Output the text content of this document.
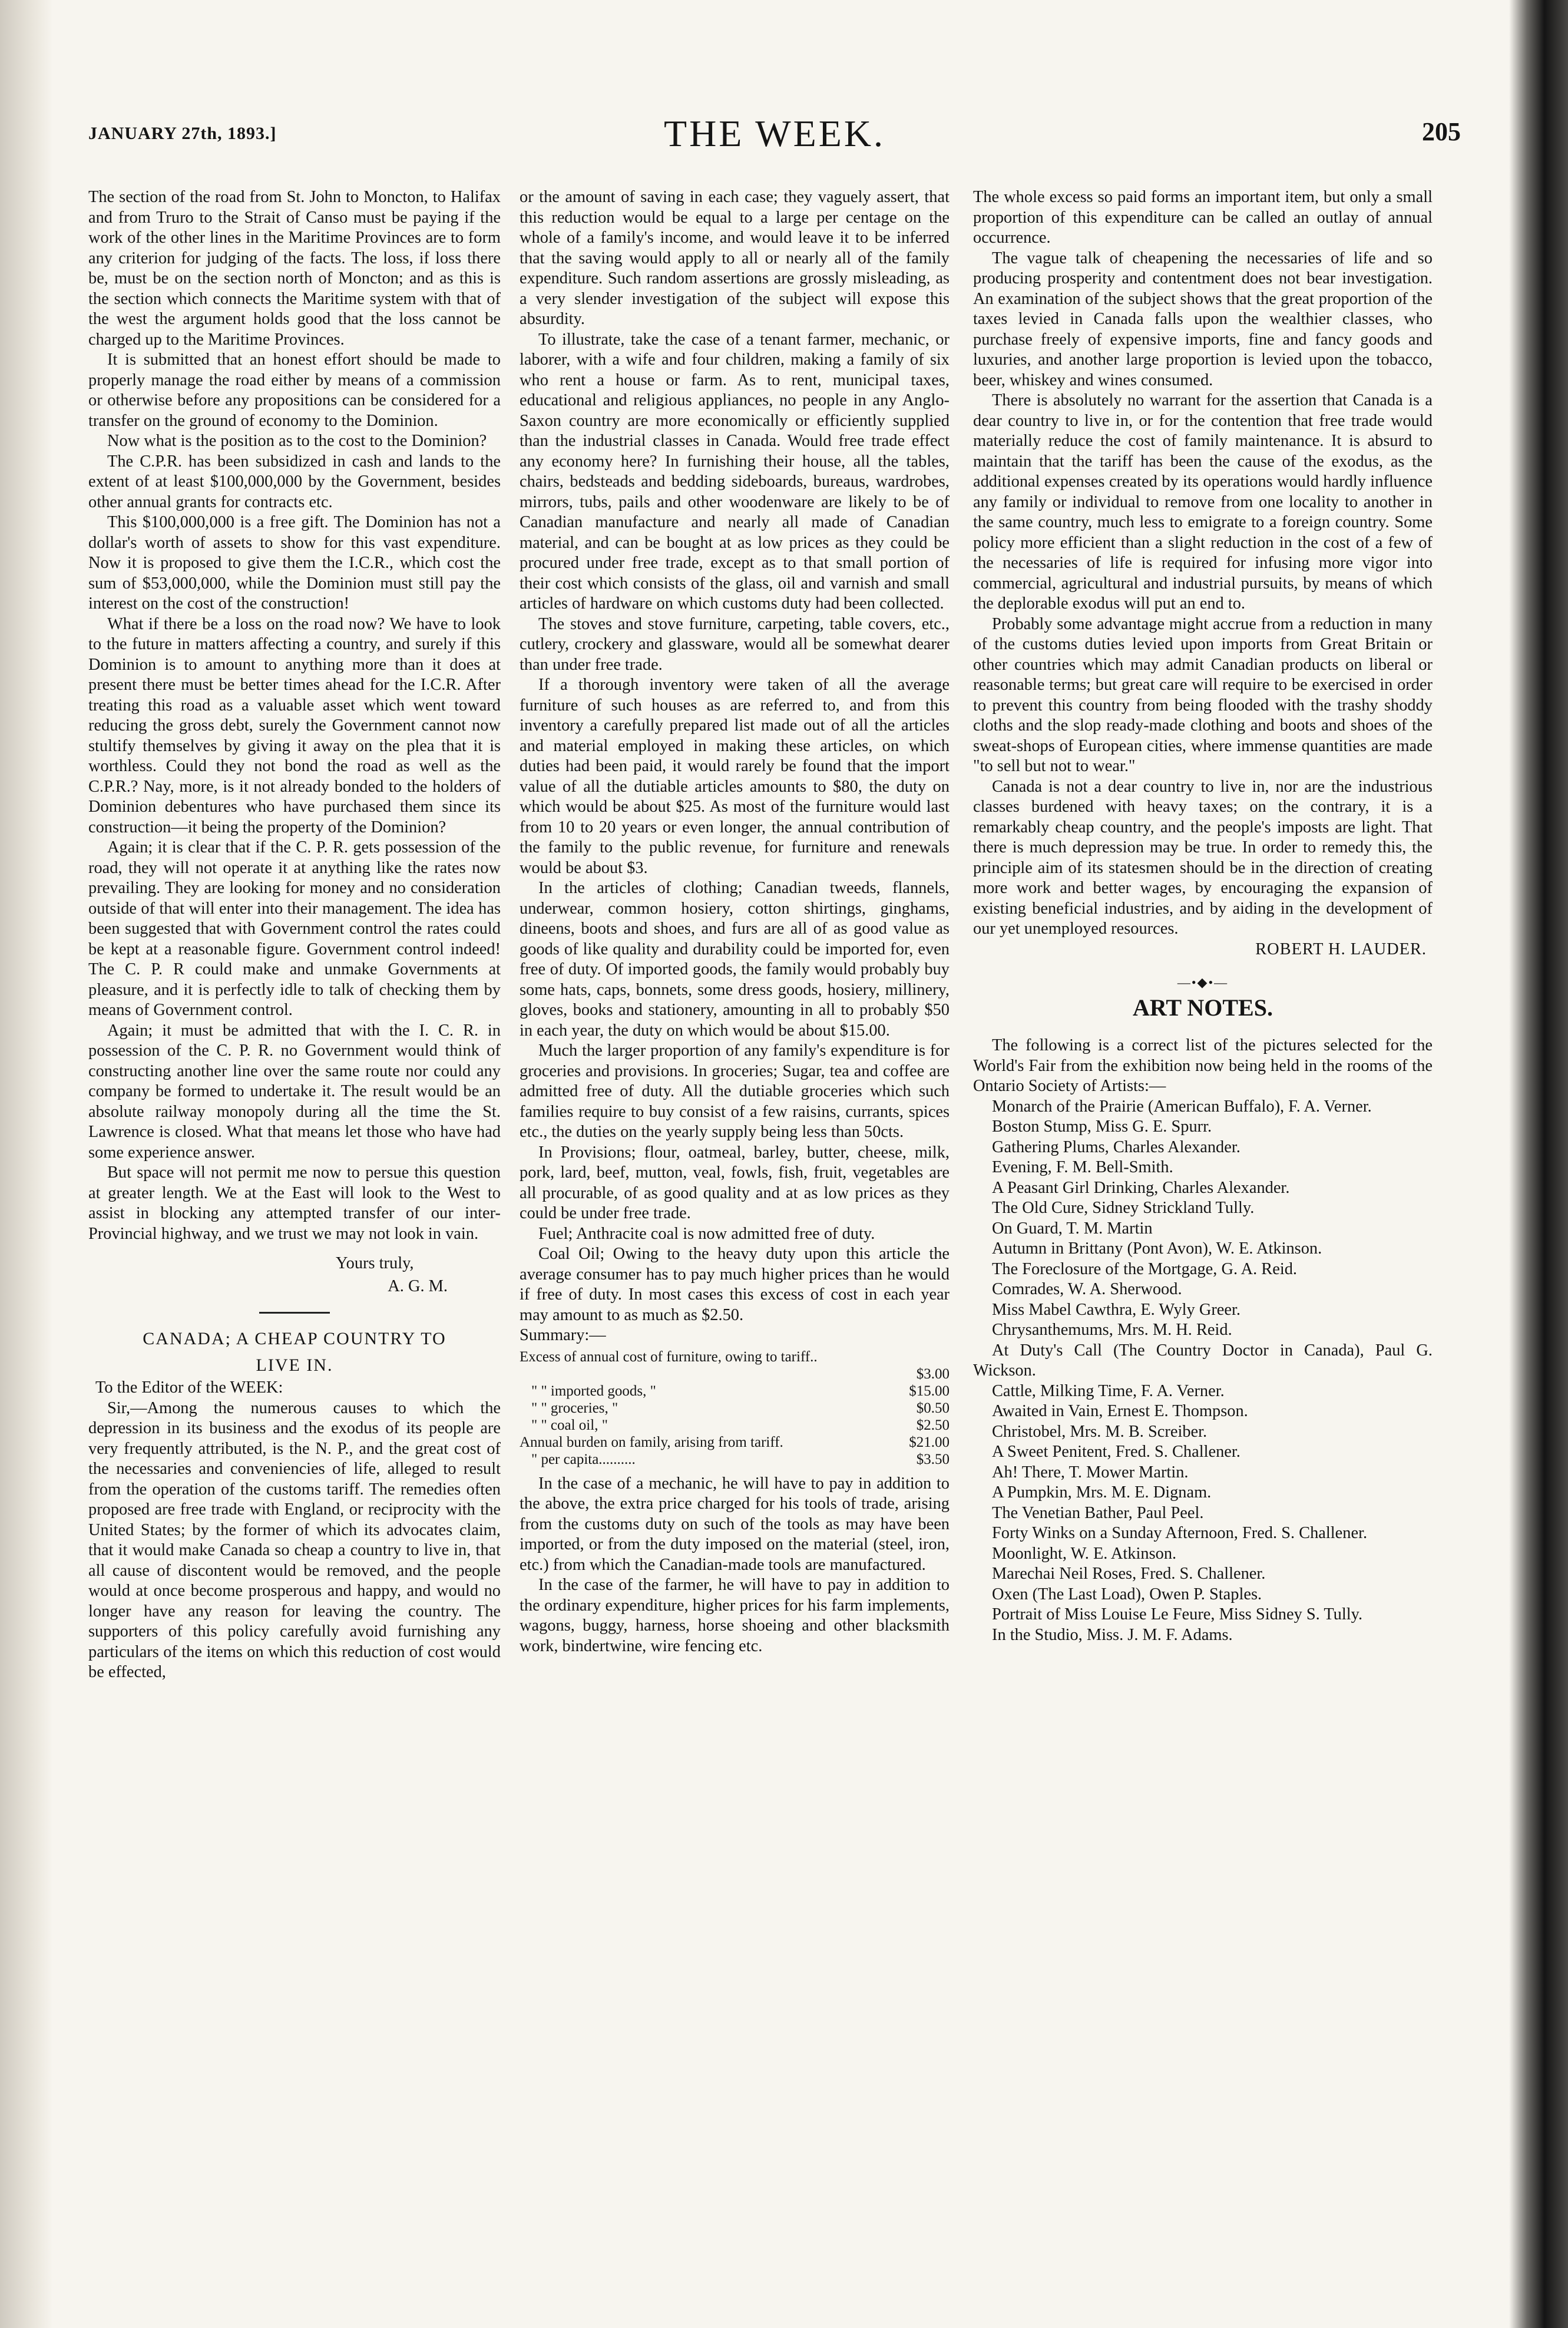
JANUARY 27th, 1893.]	THE WEEK.	205

The section of the road from St. John to Moncton, to Halifax and from Truro to the Strait of Canso must be paying if the work of the other lines in the Maritime Provinces are to form any criterion for judging of the facts. The loss, if loss there be, must be on the section north of Moncton; and as this is the section which connects the Maritime system with that of the west the argument holds good that the loss cannot be charged up to the Maritime Provinces.

It is submitted that an honest effort should be made to properly manage the road either by means of a commission or otherwise before any propositions can be considered for a transfer on the ground of economy to the Dominion.

Now what is the position as to the cost to the Dominion?

The C.P.R. has been subsidized in cash and lands to the extent of at least $100,000,000 by the Government, besides other annual grants for contracts etc.

This $100,000,000 is a free gift. The Dominion has not a dollar's worth of assets to show for this vast expenditure. Now it is proposed to give them the I.C.R., which cost the sum of $53,000,000, while the Dominion must still pay the interest on the cost of the construction!

What if there be a loss on the road now? We have to look to the future in matters affecting a country, and surely if this Dominion is to amount to anything more than it does at present there must be better times ahead for the I.C.R. After treating this road as a valuable asset which went toward reducing the gross debt, surely the Government cannot now stultify themselves by giving it away on the plea that it is worthless. Could they not bond the road as well as the C.P.R.? Nay, more, is it not already bonded to the holders of Dominion debentures who have purchased them since its construction—it being the property of the Dominion?

Again; it is clear that if the C. P. R. gets possession of the road, they will not operate it at anything like the rates now prevailing. They are looking for money and no consideration outside of that will enter into their management. The idea has been suggested that with Government control the rates could be kept at a reasonable figure. Government control indeed! The C. P. R could make and unmake Governments at pleasure, and it is perfectly idle to talk of checking them by means of Government control.

Again; it must be admitted that with the I. C. R. in possession of the C. P. R. no Government would think of constructing another line over the same route nor could any company be formed to undertake it. The result would be an absolute railway monopoly during all the time the St. Lawrence is closed. What that means let those who have had some experience answer.

But space will not permit me now to persue this question at greater length. We at the East will look to the West to assist in blocking any attempted transfer of our inter-Provincial highway, and we trust we may not look in vain.

Yours truly,

A. G. M.

CANADA; A CHEAP COUNTRY TO

LIVE IN.

To the Editor of the WEEK:

Sir,—Among the numerous causes to which the depression in its business and the exodus of its people are very frequently attributed, is the N. P., and the great cost of the necessaries and conveniencies of life, alleged to result from the operation of the customs tariff. The remedies often proposed are free trade with England, or reciprocity with the United States; by the former of which its advocates claim, that it would make Canada so cheap a country to live in, that all cause of discontent would be removed, and the people would at once become prosperous and happy, and would no longer have any reason for leaving the country. The supporters of this policy carefully avoid furnishing any particulars of the items on which this reduction of cost would be effected,

or the amount of saving in each case; they vaguely assert, that this reduction would be equal to a large per centage on the whole of a family's income, and would leave it to be inferred that the saving would apply to all or nearly all of the family expenditure. Such random assertions are grossly misleading, as a very slender investigation of the subject will expose this absurdity.

To illustrate, take the case of a tenant farmer, mechanic, or laborer, with a wife and four children, making a family of six who rent a house or farm. As to rent, municipal taxes, educational and religious appliances, no people in any Anglo-Saxon country are more economically or efficiently supplied than the industrial classes in Canada. Would free trade effect any economy here? In furnishing their house, all the tables, chairs, bedsteads and bedding sideboards, bureaus, wardrobes, mirrors, tubs, pails and other woodenware are likely to be of Canadian manufacture and nearly all made of Canadian material, and can be bought at as low prices as they could be procured under free trade, except as to that small portion of their cost which consists of the glass, oil and varnish and small articles of hardware on which customs duty had been collected.

The stoves and stove furniture, carpeting, table covers, etc., cutlery, crockery and glassware, would all be somewhat dearer than under free trade.

If a thorough inventory were taken of all the average furniture of such houses as are referred to, and from this inventory a carefully prepared list made out of all the articles and material employed in making these articles, on which duties had been paid, it would rarely be found that the import value of all the dutiable articles amounts to $80, the duty on which would be about $25. As most of the furniture would last from 10 to 20 years or even longer, the annual contribution of the family to the public revenue, for furniture and renewals would be about $3.

In the articles of clothing; Canadian tweeds, flannels, underwear, common hosiery, cotton shirtings, ginghams, dineens, boots and shoes, and furs are all of as good value as goods of like quality and durability could be imported for, even free of duty. Of imported goods, the family would probably buy some hats, caps, bonnets, some dress goods, hosiery, millinery, gloves, books and stationery, amounting in all to probably $50 in each year, the duty on which would be about $15.00.

Much the larger proportion of any family's expenditure is for groceries and provisions. In groceries; Sugar, tea and coffee are admitted free of duty. All the dutiable groceries which such families require to buy consist of a few raisins, currants, spices etc., the duties on the yearly supply being less than 50cts.

In Provisions; flour, oatmeal, barley, butter, cheese, milk, pork, lard, beef, mutton, veal, fowls, fish, fruit, vegetables are all procurable, of as good quality and at as low prices as they could be under free trade.

Fuel; Anthracite coal is now admitted free of duty.

Coal Oil; Owing to the heavy duty upon this article the average consumer has to pay much higher prices than he would if free of duty. In most cases this excess of cost in each year may amount to as much as $2.50.

Summary:—

Excess of annual cost of furniture, owing to tariff..
$3.00
" " imported goods, "	$15.00
" " groceries, "	$0.50
" " coal oil, "	$2.50
Annual burden on family, arising from tariff.	$21.00
" per capita..........	$3.50

In the case of a mechanic, he will have to pay in addition to the above, the extra price charged for his tools of trade, arising from the customs duty on such of the tools as may have been imported, or from the duty imposed on the material (steel, iron, etc.) from which the Canadian-made tools are manufactured.

In the case of the farmer, he will have to pay in addition to the ordinary expenditure, higher prices for his farm implements, wagons, buggy, harness, horse shoeing and other blacksmith work, bindertwine, wire fencing etc.

The whole excess so paid forms an important item, but only a small proportion of this expenditure can be called an outlay of annual occurrence.

The vague talk of cheapening the necessaries of life and so producing prosperity and contentment does not bear investigation. An examination of the subject shows that the great proportion of the taxes levied in Canada falls upon the wealthier classes, who purchase freely of expensive imports, fine and fancy goods and luxuries, and another large proportion is levied upon the tobacco, beer, whiskey and wines consumed.

There is absolutely no warrant for the assertion that Canada is a dear country to live in, or for the contention that free trade would materially reduce the cost of family maintenance. It is absurd to maintain that the tariff has been the cause of the exodus, as the additional expenses created by its operations would hardly influence any family or individual to remove from one locality to another in the same country, much less to emigrate to a foreign country. Some policy more efficient than a slight reduction in the cost of a few of the necessaries of life is required for infusing more vigor into commercial, agricultural and industrial pursuits, by means of which the deplorable exodus will put an end to.

Probably some advantage might accrue from a reduction in many of the customs duties levied upon imports from Great Britain or other countries which may admit Canadian products on liberal or reasonable terms; but great care will require to be exercised in order to prevent this country from being flooded with the trashy shoddy cloths and the slop ready-made clothing and boots and shoes of the sweat-shops of European cities, where immense quantities are made "to sell but not to wear."

Canada is not a dear country to live in, nor are the industrious classes burdened with heavy taxes; on the contrary, it is a remarkably cheap country, and the people's imposts are light. That there is much depression may be true. In order to remedy this, the principle aim of its statesmen should be in the direction of creating more work and better wages, by encouraging the expansion of existing beneficial industries, and by aiding in the development of our yet unemployed resources.

ROBERT H. LAUDER.

—•◆•—

ART NOTES.

The following is a correct list of the pictures selected for the World's Fair from the exhibition now being held in the rooms of the Ontario Society of Artists:—

Monarch of the Prairie (American Buffalo), F. A. Verner.

Boston Stump, Miss G. E. Spurr.

Gathering Plums, Charles Alexander.

Evening, F. M. Bell-Smith.

A Peasant Girl Drinking, Charles Alexander.

The Old Cure, Sidney Strickland Tully.

On Guard, T. M. Martin

Autumn in Brittany (Pont Avon), W. E. Atkinson.

The Foreclosure of the Mortgage, G. A. Reid.

Comrades, W. A. Sherwood.

Miss Mabel Cawthra, E. Wyly Greer.

Chrysanthemums, Mrs. M. H. Reid.

At Duty's Call (The Country Doctor in Canada), Paul G. Wickson.

Cattle, Milking Time, F. A. Verner.

Awaited in Vain, Ernest E. Thompson.

Christobel, Mrs. M. B. Screiber.

A Sweet Penitent, Fred. S. Challener.

Ah! There, T. Mower Martin.

A Pumpkin, Mrs. M. E. Dignam.

The Venetian Bather, Paul Peel.

Forty Winks on a Sunday Afternoon, Fred. S. Challener.

Moonlight, W. E. Atkinson.

Marechai Neil Roses, Fred. S. Challener.

Oxen (The Last Load), Owen P. Staples.

Portrait of Miss Louise Le Feure, Miss Sidney S. Tully.

In the Studio, Miss. J. M. F. Adams.
